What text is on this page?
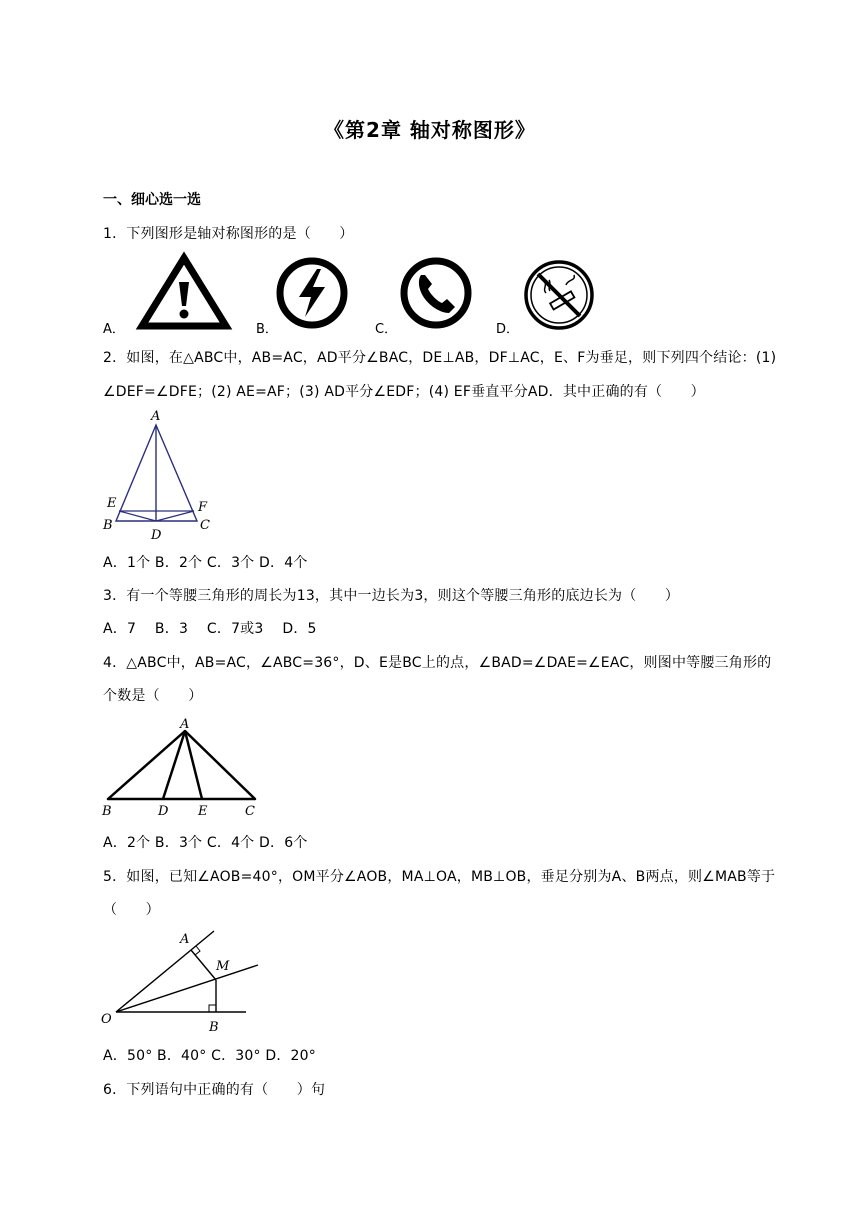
《第2章 轴对称图形》
一、细心选一选
1．下列图形是轴对称图形的是（　　）
A．	B．	C．	D．
2．如图，在△ABC中，AB=AC，AD平分∠BAC，DE⊥AB，DF⊥AC，E、F为垂足，则下列四个结论：(1)
∠DEF=∠DFE；(2) AE=AF；(3) AD平分∠EDF；(4) EF垂直平分AD．其中正确的有（　　）
A
E	F
B	C
D
A．1个 B．2个 C．3个 D．4个
3．有一个等腰三角形的周长为13，其中一边长为3，则这个等腰三角形的底边长为（　　）
A．7　 B．3　 C．7或3　 D．5
4．△ABC中，AB=AC，∠ABC=36°，D、E是BC上的点，∠BAD=∠DAE=∠EAC，则图中等腰三角形的
个数是（　　）
A
B	D E	C
A．2个 B．3个 C．4个 D．6个
5．如图，已知∠AOB=40°，OM平分∠AOB，MA⊥OA，MB⊥OB，垂足分别为A、B两点，则∠MAB等于
（　　）
A
M
O
B
A．50° B．40° C．30° D．20°
6．下列语句中正确的有（　　）句
